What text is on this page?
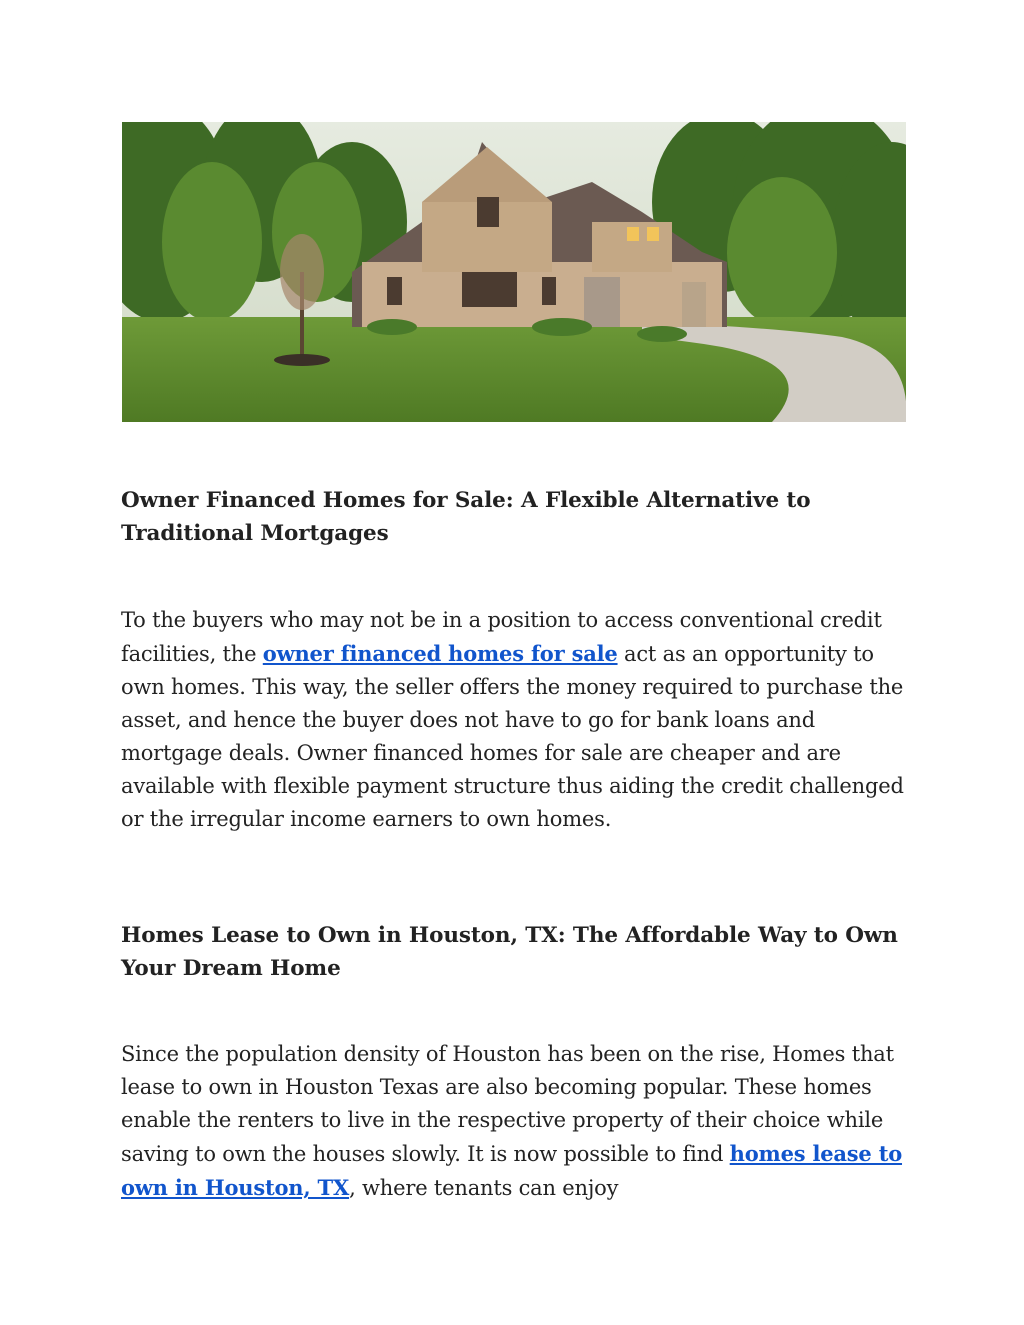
Owner Financed Homes for Sale: A Flexible Alternative to Traditional Mortgages

To the buyers who may not be in a position to access conventional credit facilities, the owner financed homes for sale act as an opportunity to own homes. This way, the seller offers the money required to purchase the asset, and hence the buyer does not have to go for bank loans and mortgage deals. Owner financed homes for sale are cheaper and are available with flexible payment structure thus aiding the credit challenged or the irregular income earners to own homes.

Homes Lease to Own in Houston, TX: The Affordable Way to Own Your Dream Home

Since the population density of Houston has been on the rise, Homes that lease to own in Houston Texas are also becoming popular. These homes enable the renters to live in the respective property of their choice while saving to own the houses slowly. It is now possible to find homes lease to own in Houston, TX, where tenants can enjoy
